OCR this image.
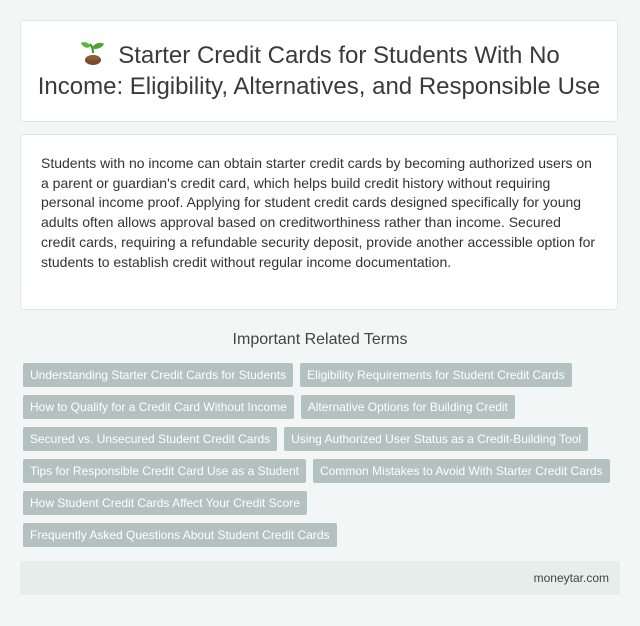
Starter Credit Cards for Students With No Income: Eligibility, Alternatives, and Responsible Use

Students with no income can obtain starter credit cards by becoming authorized users on a parent or guardian's credit card, which helps build credit history without requiring personal income proof. Applying for student credit cards designed specifically for young adults often allows approval based on creditworthiness rather than income. Secured credit cards, requiring a refundable security deposit, provide another accessible option for students to establish credit without regular income documentation.

Important Related Terms
Understanding Starter Credit Cards for Students	Eligibility Requirements for Student Credit Cards
How to Qualify for a Credit Card Without Income	Alternative Options for Building Credit
Secured vs. Unsecured Student Credit Cards	Using Authorized User Status as a Credit-Building Tool
Tips for Responsible Credit Card Use as a Student	Common Mistakes to Avoid With Starter Credit Cards
How Student Credit Cards Affect Your Credit Score
Frequently Asked Questions About Student Credit Cards
moneytar.com
